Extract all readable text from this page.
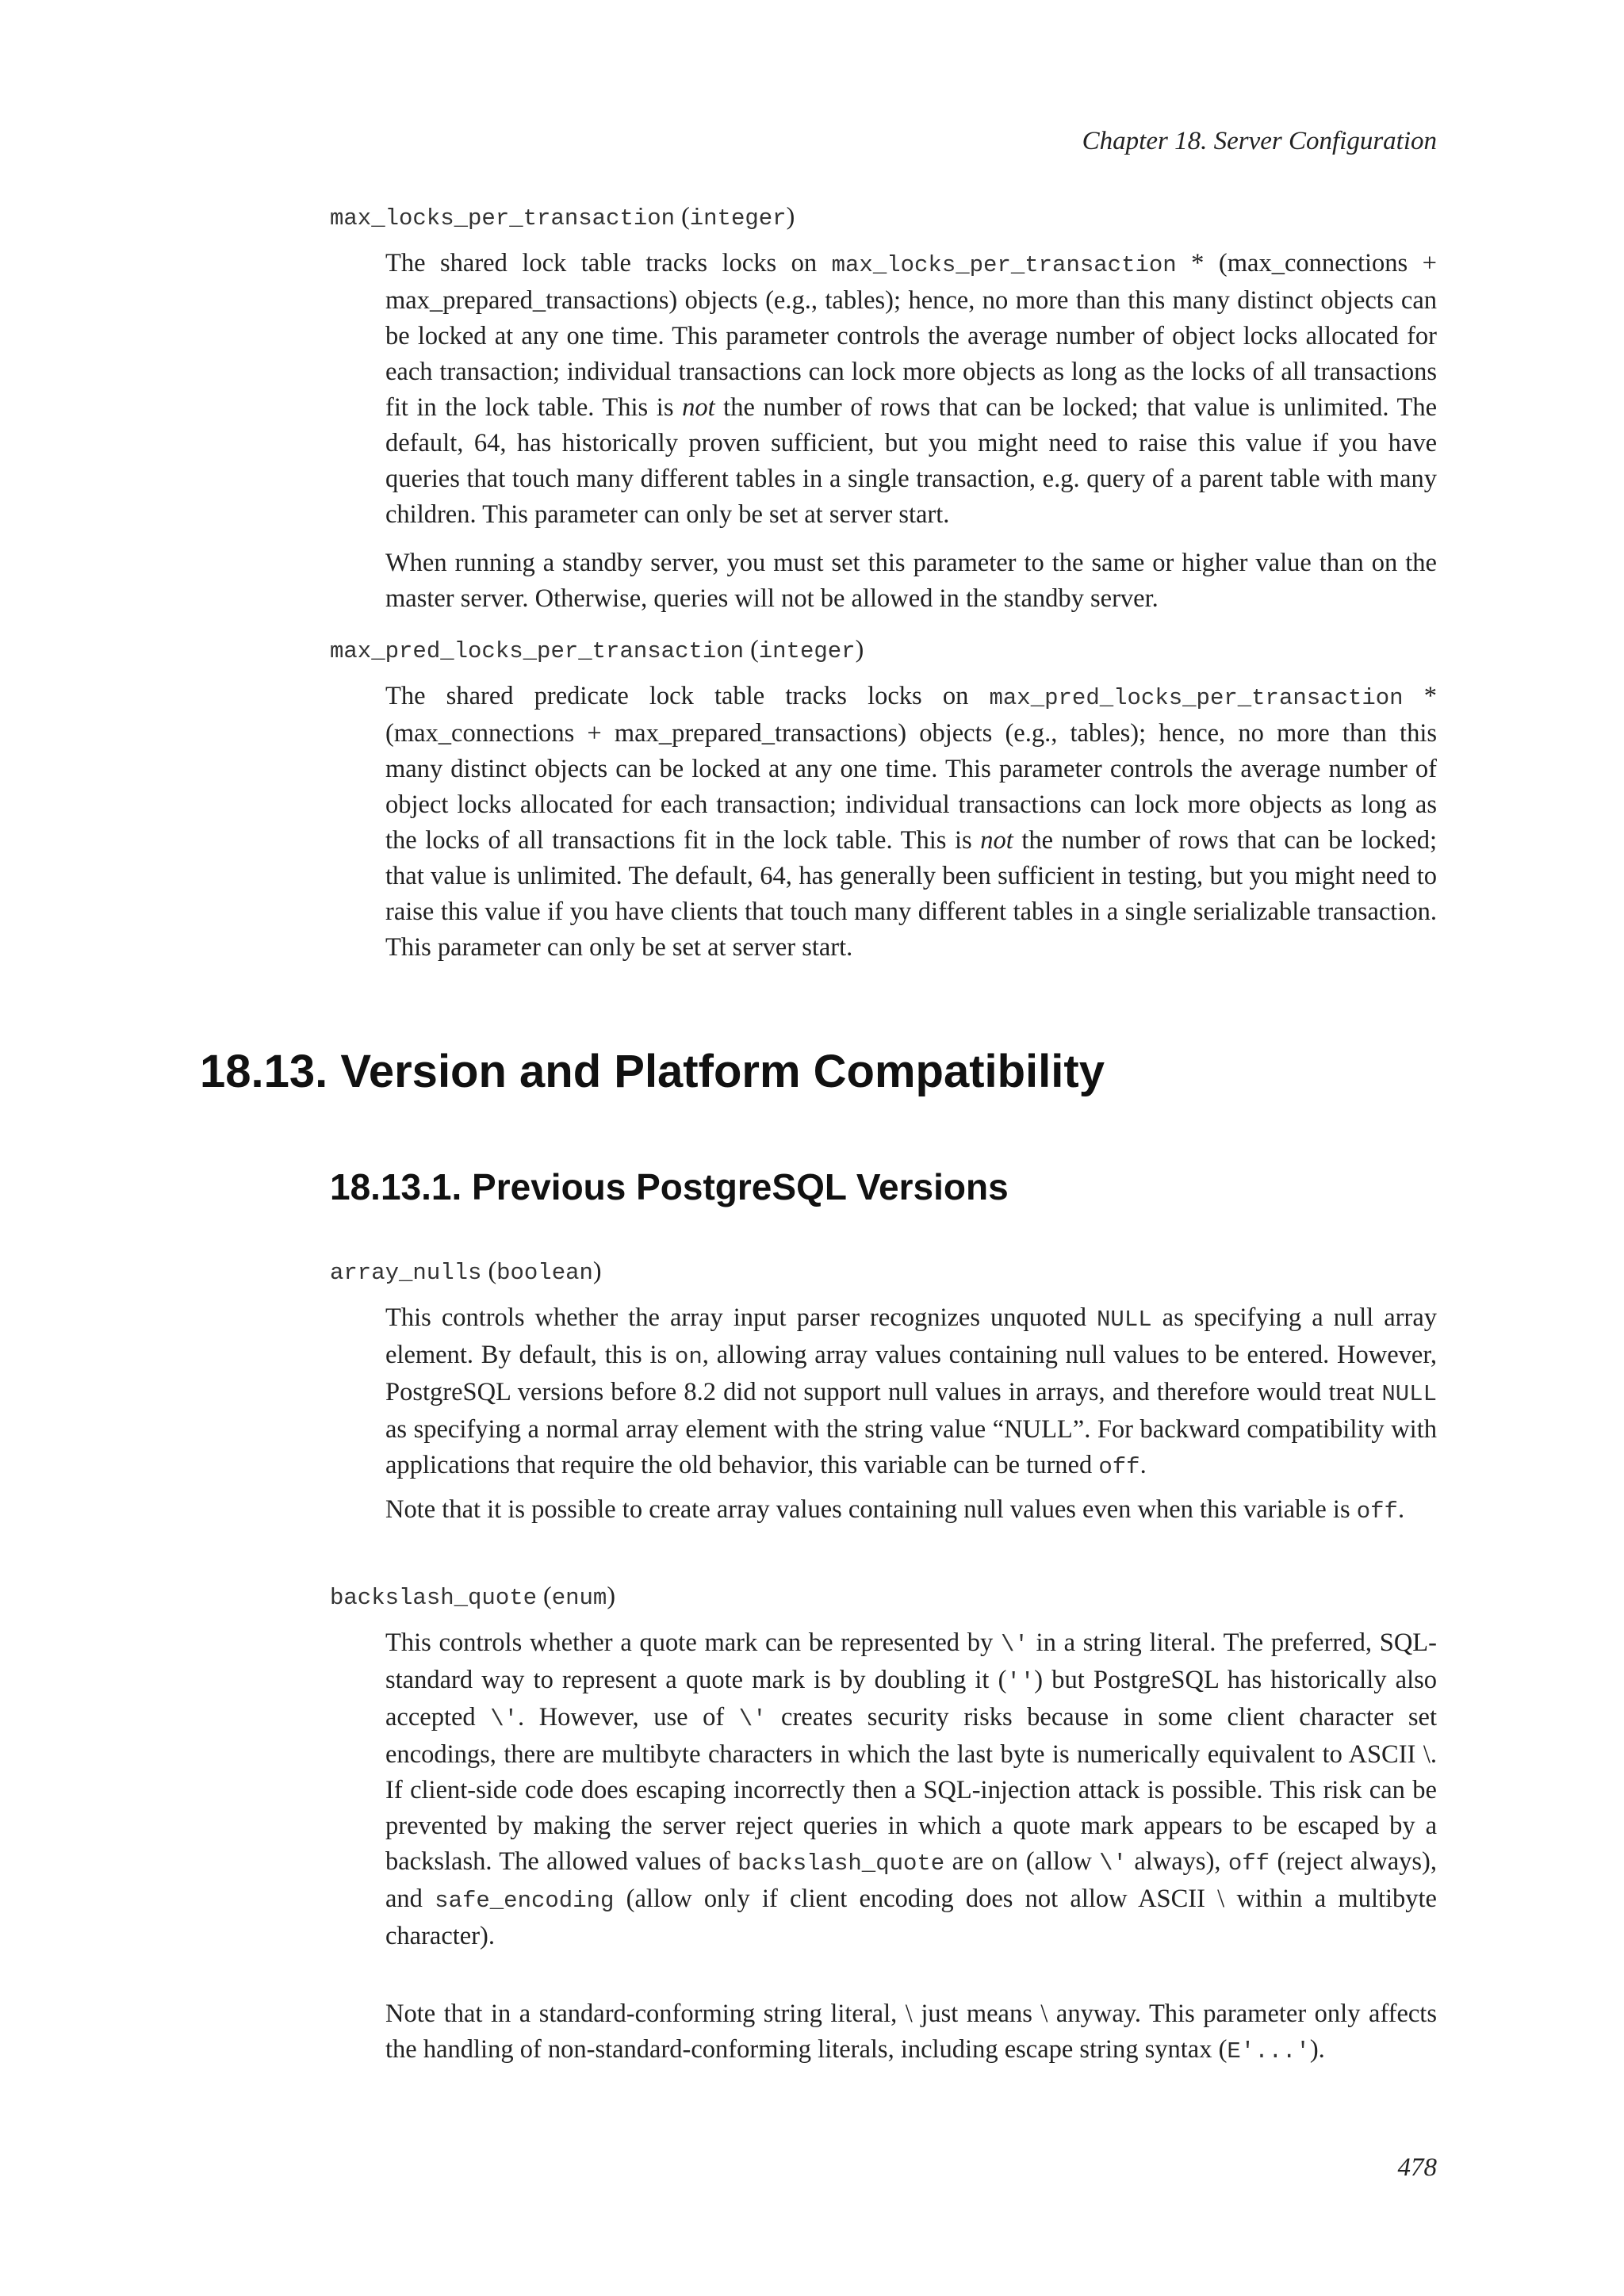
Chapter 18. Server Configuration
max_locks_per_transaction (integer)
The shared lock table tracks locks on max_locks_per_transaction * (max_connections + max_prepared_transactions) objects (e.g., tables); hence, no more than this many distinct objects can be locked at any one time. This parameter controls the average number of object locks allocated for each transaction; individual transactions can lock more objects as long as the locks of all transactions fit in the lock table. This is not the number of rows that can be locked; that value is unlimited. The default, 64, has historically proven sufficient, but you might need to raise this value if you have queries that touch many different tables in a single transaction, e.g. query of a parent table with many children. This parameter can only be set at server start.
When running a standby server, you must set this parameter to the same or higher value than on the master server. Otherwise, queries will not be allowed in the standby server.
max_pred_locks_per_transaction (integer)
The shared predicate lock table tracks locks on max_pred_locks_per_transaction * (max_connections + max_prepared_transactions) objects (e.g., tables); hence, no more than this many distinct objects can be locked at any one time. This parameter controls the average number of object locks allocated for each transaction; individual transactions can lock more objects as long as the locks of all transactions fit in the lock table. This is not the number of rows that can be locked; that value is unlimited. The default, 64, has generally been sufficient in testing, but you might need to raise this value if you have clients that touch many different tables in a single serializable transaction. This parameter can only be set at server start.
18.13. Version and Platform Compatibility
18.13.1. Previous PostgreSQL Versions
array_nulls (boolean)
This controls whether the array input parser recognizes unquoted NULL as specifying a null array element. By default, this is on, allowing array values containing null values to be entered. However, PostgreSQL versions before 8.2 did not support null values in arrays, and therefore would treat NULL as specifying a normal array element with the string value “NULL”. For backward compatibility with applications that require the old behavior, this variable can be turned off.
Note that it is possible to create array values containing null values even when this variable is off.
backslash_quote (enum)
This controls whether a quote mark can be represented by \' in a string literal. The preferred, SQL-standard way to represent a quote mark is by doubling it ('') but PostgreSQL has historically also accepted \'. However, use of \' creates security risks because in some client character set encodings, there are multibyte characters in which the last byte is numerically equivalent to ASCII \. If client-side code does escaping incorrectly then a SQL-injection attack is possible. This risk can be prevented by making the server reject queries in which a quote mark appears to be escaped by a backslash. The allowed values of backslash_quote are on (allow \' always), off (reject always), and safe_encoding (allow only if client encoding does not allow ASCII \ within a multibyte character).
Note that in a standard-conforming string literal, \ just means \ anyway. This parameter only affects the handling of non-standard-conforming literals, including escape string syntax (E'...').
478
